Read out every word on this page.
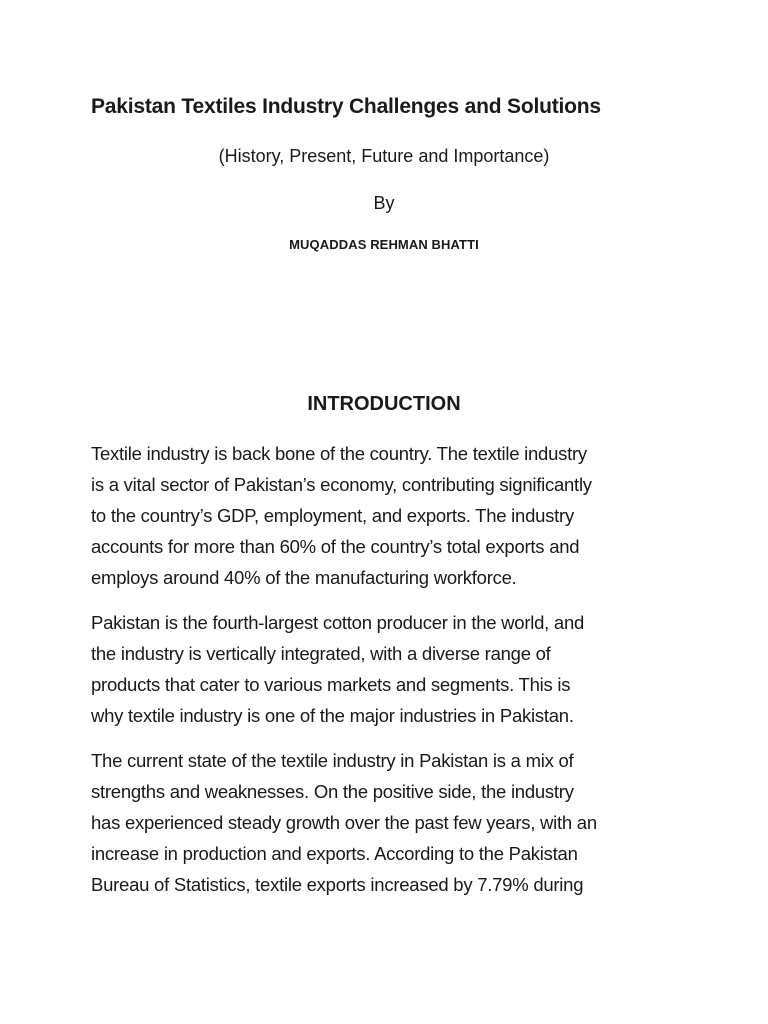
Pakistan Textiles Industry Challenges and Solutions

(History, Present, Future and Importance)

By

MUQADDAS REHMAN BHATTI

INTRODUCTION

Textile industry is back bone of the country. The textile industry
is a vital sector of Pakistan’s economy, contributing significantly
to the country’s GDP, employment, and exports. The industry
accounts for more than 60% of the country’s total exports and
employs around 40% of the manufacturing workforce.

Pakistan is the fourth-largest cotton producer in the world, and
the industry is vertically integrated, with a diverse range of
products that cater to various markets and segments. This is
why textile industry is one of the major industries in Pakistan.

The current state of the textile industry in Pakistan is a mix of
strengths and weaknesses. On the positive side, the industry
has experienced steady growth over the past few years, with an
increase in production and exports. According to the Pakistan
Bureau of Statistics, textile exports increased by 7.79% during
